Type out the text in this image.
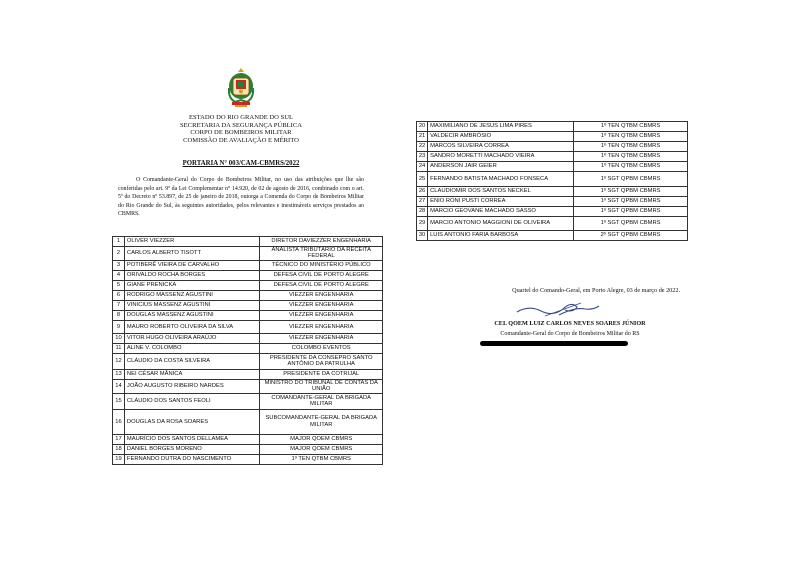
ESTADO DO RIO GRANDE DO SUL
SECRETARIA DA SEGURANÇA PÚBLICA
CORPO DE BOMBEIROS MILITAR
COMISSÃO DE AVALIAÇÃO E MÉRITO
PORTARIA N° 003/CAM-CBMRS/2022
O Comandante-Geral do Corpo de Bombeiros Militar, no uso das atribuições que lhe são conferidas pelo art. 9º da Lei Complementar n° 14.920, de 02 de agosto de 2016, combinado com o art. 5º do Decreto nº 53.897, de 25 de janeiro de 2018, outorga a Comenda do Corpo de Bombeiros Militar do Rio Grande do Sul, às seguintes autoridades, pelos relevantes e inestimáveis serviços prestados ao CBMRS.
1	OLIVER VIEZZER	DIRETOR DAVIEZZER ENGENHARIA
2	CARLOS ALBERTO TISOTT	ANALISTA TRIBUTÁRIO DA RECEITA FEDERAL
3	POTIBERÊ VIEIRA DE CARVALHO	TÉCNICO DO MINISTÉRIO PÚBLICO
4	ORIVALDO ROCHA BORGES	DEFESA CIVIL DE PORTO ALEGRE
5	GIANE PRENICKA	DEFESA CIVIL DE PORTO ALEGRE
6	RODRIGO MASSENZ AGUSTINI	VIEZZER ENGENHARIA
7	VINICIUS MASSENZ AGUSTINI	VIEZZER ENGENHARIA
8	DOUGLAS MASSENZ AGUSTINI	VIEZZER ENGENHARIA
9	MAURO ROBERTO OLIVEIRA DA SILVA	VIEZZER ENGENHARIA
10	VITOR HUGO OLIVEIRA ARAÚJO	VIEZZER ENGENHARIA
11	ALINE V. COLOMBO	COLOMBO EVENTOS
12	CLÁUDIO DA COSTA SILVEIRA	PRESIDENTE DA CONSEPRO SANTO ANTÔNIO DA PATRULHA
13	NEI CÉSAR MÂNICA	PRESIDENTE DA COTRIJAL
14	JOÃO AUGUSTO RIBEIRO NARDES	MINISTRO DO TRIBUNAL DE CONTAS DA UNIÃO
15	CLÁUDIO DOS SANTOS FEOLI	COMANDANTE-GERAL DA BRIGADA MILITAR
16	DOUGLAS DA ROSA SOARES	SUBCOMANDANTE-GERAL DA BRIGADA MILITAR
17	MAURÍCIO DOS SANTOS DELLAMEA	MAJOR QOEM CBMRS
18	DANIEL BORGES MORENO	MAJOR QOEM CBMRS
19	FERNANDO DUTRA DO NASCIMENTO	1º TEN QTBM CBMRS
20	MAXIMILIANO DE JESUS LIMA PIRES	1º TEN QTBM CBMRS
21	VALDECIR AMBRÓSIO	1º TEN QTBM CBMRS
22	MARCOS SILVEIRA CORREA	1º TEN QTBM CBMRS
23	SANDRO MORETTI MACHADO VIEIRA	1º TEN QTBM CBMRS
24	ANDERSON JAIR GEIER	1º TEN QTBM CBMRS
25	FERNANDO BATISTA MACHADO FONSECA	1º SGT QPBM CBMRS
26	CLAUDIOMIR DOS SANTOS NECKEL	1º SGT QPBM CBMRS
27	ENIO RONI PUSTI CORREA	1º SGT QPBM CBMRS
28	MARCIO GEOVANE MACHADO SASSO	1º SGT QPBM CBMRS
29	MARCIO ANTONIO MAGGIONI DE OLIVEIRA	1º SGT QPBM CBMRS
30	LUIS ANTONIO FARIA BARBOSA	2º SGT QPBM CBMRS
Quartel do Comando-Geral, em Porto Alegre, 03 de março de 2022.
CEL QOEM LUIZ CARLOS NEVES SOARES JÚNIOR
Comandante-Geral do Corpo de Bombeiros Militar do RS
